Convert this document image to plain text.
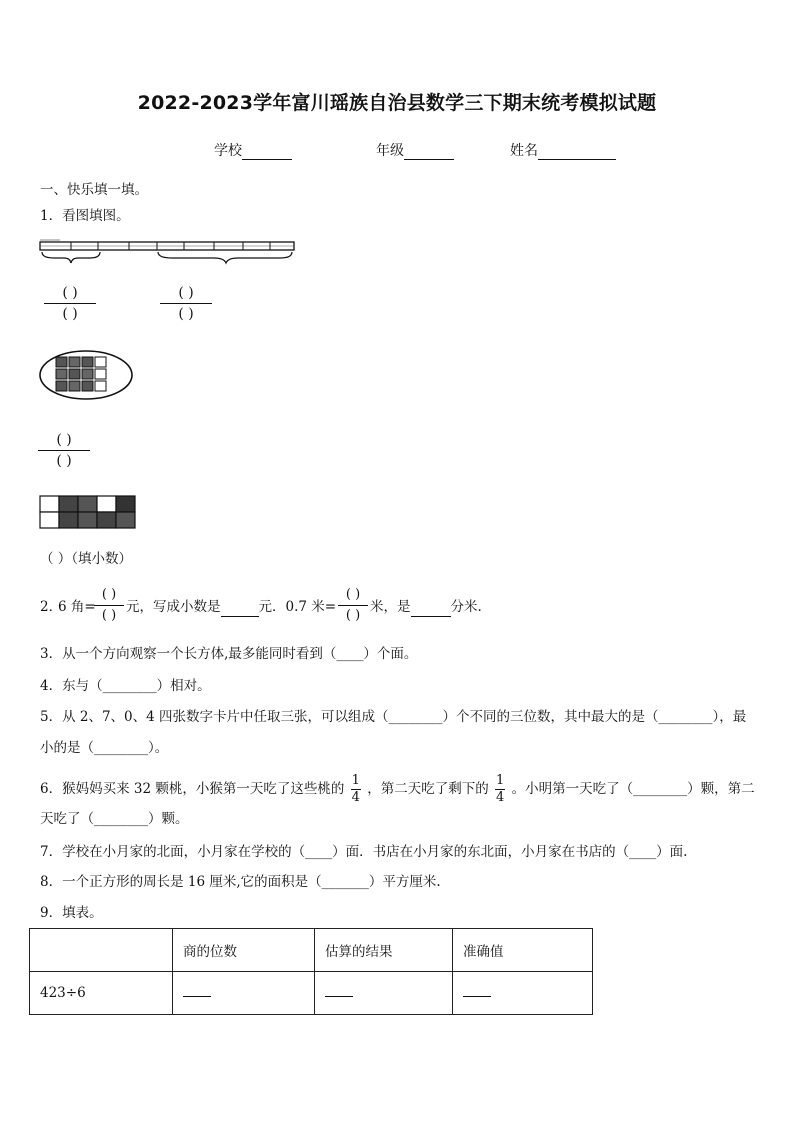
2022-2023学年富川瑶族自治县数学三下期末统考模拟试题
学校	年级	姓名
一、快乐填一填。
1．看图填图。
( )
( )
( )
( )
( )
( )
（ ）（填小数）
2．
6 角=
( )
( )
元，写成小数是	元．0.7 米=
( )
( )
米，是	分米.
3．从一个方向观察一个长方体,最多能同时看到（____）个面。
4．东与（________）相对。
5．从 2、7、0、4 四张数字卡片中任取三张，可以组成（________）个不同的三位数，其中最大的是（________），最
小的是（________）。
6．猴妈妈买来 32 颗桃，小猴第一天吃了这些桃的 $\frac{1}{4}$ ，第二天吃了剩下的 $\frac{1}{4}$ 。小明第一天吃了（________）颗，第二
天吃了（________）颗。
7．学校在小月家的北面，小月家在学校的（____）面．书店在小月家的东北面，小月家在书店的（____）面.
8．一个正方形的周长是 16 厘米,它的面积是（_______）平方厘米.
9．填表。
	商的位数	估算的结果	准确值
423÷6			
